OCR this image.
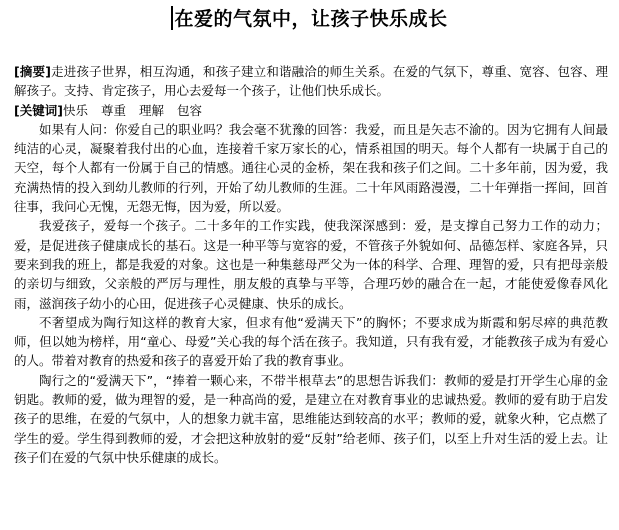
在爱的气氛中，让孩子快乐成长

[摘要]走进孩子世界，相互沟通，和孩子建立和谐融洽的师生关系。在爱的气氛下，尊重、宽容、包容、理解孩子。支持、肯定孩子，用心去爱每一个孩子，让他们快乐成长。

[关键词]快乐 尊重 理解 包容

如果有人问：你爱自己的职业吗？我会毫不犹豫的回答：我爱，而且是矢志不渝的。因为它拥有人间最纯洁的心灵，凝聚着我付出的心血，连接着千家万家长的心，情系祖国的明天。每个人都有一块属于自己的天空，每个人都有一份属于自己的情感。通往心灵的金桥，架在我和孩子们之间。二十多年前，因为爱，我充满热情的投入到幼儿教师的行列，开始了幼儿教师的生涯。二十年风雨路漫漫，二十年弹指一挥间，回首往事，我问心无愧，无怨无悔，因为爱，所以爱。

我爱孩子，爱每一个孩子。二十多年的工作实践，使我深深感到：爱，是支撑自己努力工作的动力；爱，是促进孩子健康成长的基石。这是一种平等与宽容的爱，不管孩子外貌如何、品德怎样、家庭各异，只要来到我的班上，都是我爱的对象。这也是一种集慈母严父为一体的科学、合理、理智的爱，只有把母亲般的亲切与细致，父亲般的严厉与理性，朋友般的真挚与平等，合理巧妙的融合在一起，才能使爱像春风化雨，滋润孩子幼小的心田，促进孩子心灵健康、快乐的成长。

不奢望成为陶行知这样的教育大家，但求有他“爱满天下”的胸怀；不要求成为斯霞和躬尽瘁的典范教师，但以她为榜样，用“童心、母爱”关心我的每个活在孩子。我知道，只有我有爱，才能教孩子成为有爱心的人。带着对教育的热爱和孩子的喜爱开始了我的教育事业。

陶行之的“爱满天下”，“捧着一颗心来，不带半根草去”的思想告诉我们：教师的爱是打开学生心扉的金钥匙。教师的爱，做为理智的爱，是一种高尚的爱，是建立在对教育事业的忠诚热爱。教师的爱有助于启发孩子的思维，在爱的气氛中，人的想象力就丰富，思维能达到较高的水平；教师的爱，就象火种，它点燃了学生的爱。学生得到教师的爱，才会把这种放射的爱“反射”给老师、孩子们，以至上升对生活的爱上去。让孩子们在爱的气氛中快乐健康的成长。
